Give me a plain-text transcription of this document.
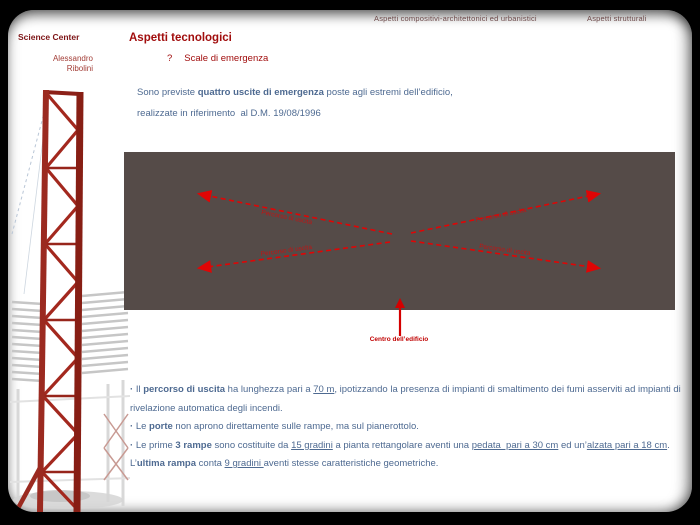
Aspetti compositivi-architettonici ed urbanistici	Aspetti strutturali
Science Center
Alessandro
Ribolini
Aspetti tecnologici
? Scale di emergenza
Sono previste quattro uscite di emergenza poste agli estremi dell’edificio,
realizzate in riferimento  al D.M. 19/08/1996
Percorso di uscita
Percorso di uscita
Percorso di uscita
Percorso di uscita
Centro dell’edificio

· Il percorso di uscita ha lunghezza pari a 70 m, ipotizzando la presenza di impianti di smaltimento dei fumi asserviti ad impianti di rivelazione automatica degli incendi.

· Le porte non aprono direttamente sulle rampe, ma sul pianerottolo.

· Le prime 3 rampe sono costituite da 15 gradini a pianta rettangolare aventi una pedata  pari a 30 cm ed un’alzata pari a 18 cm.

L’ultima rampa conta 9 gradini aventi stesse caratteristiche geometriche.
